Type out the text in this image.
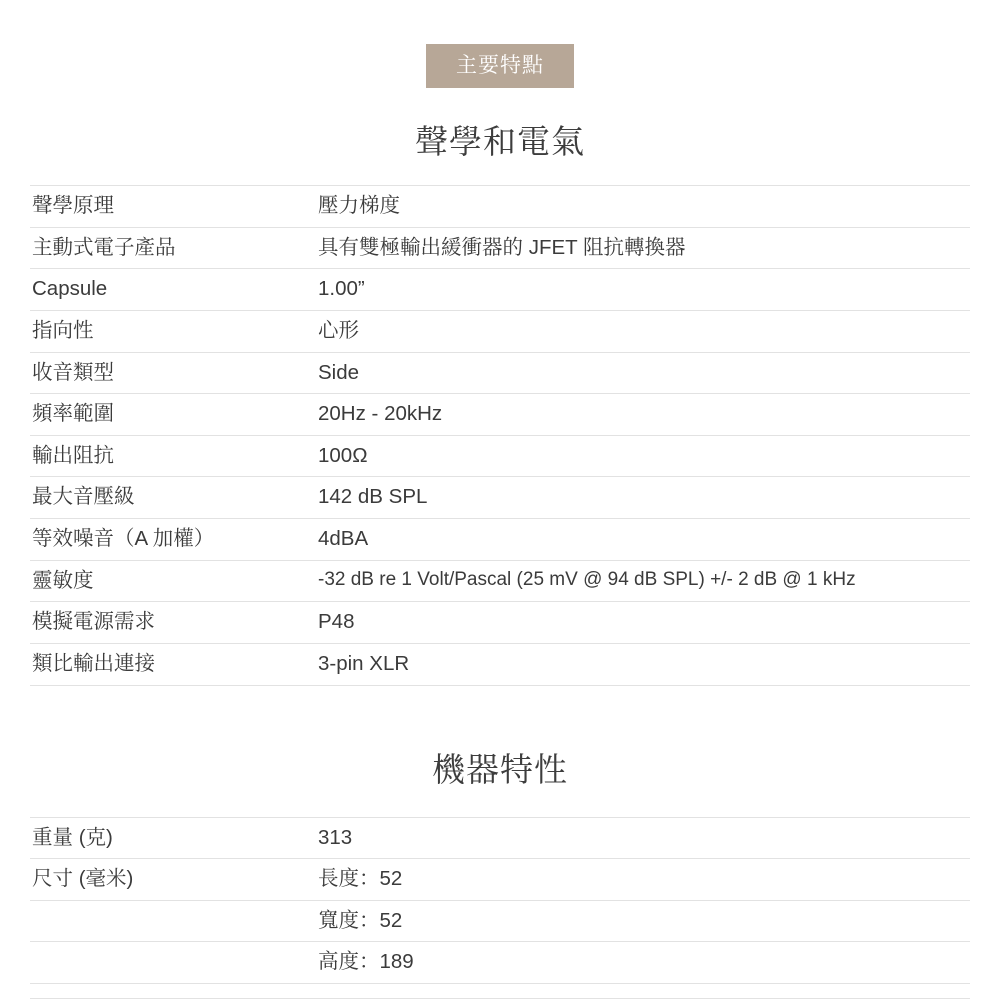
主要特點
聲學和電氣
聲學原理	壓力梯度
主動式電子產品	具有雙極輸出緩衝器的 JFET 阻抗轉換器
Capsule	1.00”
指向性	心形
收音類型	Side
頻率範圍	20Hz - 20kHz
輸出阻抗	100Ω
最大音壓級	142 dB SPL
等效噪音（A 加權）	4dBA
靈敏度	-32 dB re 1 Volt/Pascal (25 mV @ 94 dB SPL) +/- 2 dB @ 1 kHz
模擬電源需求	P48
類比輸出連接	3-pin XLR
機器特性
重量 (克)	313
尺寸 (毫米)	長度：52
	寬度：52
	高度：189
